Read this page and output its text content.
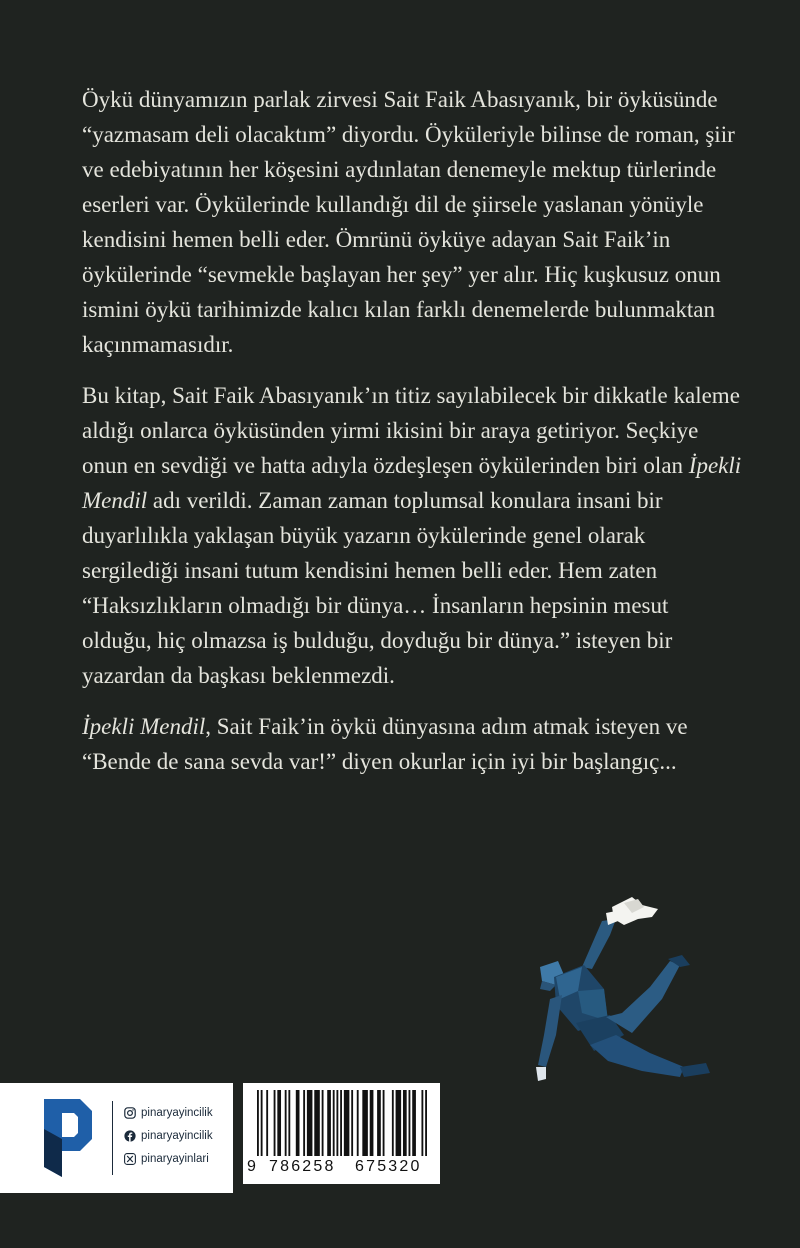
Öykü dünyamızın parlak zirvesi Sait Faik Abasıyanık, bir öyküsünde “yazmasam deli olacaktım” diyordu. Öyküleriyle bilinse de roman, şiir ve edebiyatının her köşesini aydınlatan denemeyle mektup türlerinde eserleri var. Öykülerinde kullandığı dil de şiirsele yaslanan yönüyle kendisini hemen belli eder. Ömrünü öyküye adayan Sait Faik’in öykülerinde “sevmekle başlayan her şey” yer alır. Hiç kuşkusuz onun ismini öykü tarihimizde kalıcı kılan farklı denemelerde bulunmaktan kaçınmamasıdır.

Bu kitap, Sait Faik Abasıyanık’ın titiz sayılabilecek bir dikkatle kaleme aldığı onlarca öyküsünden yirmi ikisini bir araya getiriyor. Seçkiye onun en sevdiği ve hatta adıyla özdeşleşen öykülerinden biri olan İpekli Mendil adı verildi. Zaman zaman toplumsal konulara insani bir duyarlılıkla yaklaşan büyük yazarın öykülerinde genel olarak sergilediği insani tutum kendisini hemen belli eder. Hem zaten “Haksızlıkların olmadığı bir dünya… İnsanların hepsinin mesut olduğu, hiç olmazsa iş bulduğu, doyduğu bir dünya.” isteyen bir yazardan da başkası beklenmezdi.

İpekli Mendil, Sait Faik’in öykü dünyasına adım atmak isteyen ve “Bende de sana sevda var!” diyen okurlar için iyi bir başlangıç...

pinaryayincilik
pinaryayincilik
pinaryayinlari 9 786258 675320
